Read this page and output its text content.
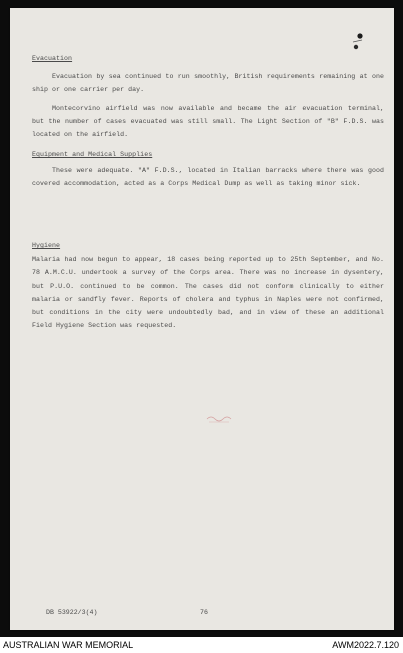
Evacuation

Evacuation by sea continued to run smoothly, British requirements remaining at one ship or one carrier per day.

Montecorvino airfield was now available and became the air evacuation terminal, but the number of cases evacuated was still small. The Light Section of "B" F.D.S. was located on the airfield.

Equipment and Medical Supplies

These were adequate. "A" F.D.S., located in Italian barracks where there was good covered accommodation, acted as a Corps Medical Dump as well as taking minor sick.

Hygiene

Malaria had now begun to appear, 18 cases being reported up to 25th September, and No. 78 A.M.C.U. undertook a survey of the Corps area. There was no increase in dysentery, but P.U.O. continued to be common. The cases did not conform clinically to either malaria or sandfly fever. Reports of cholera and typhus in Naples were not confirmed, but conditions in the city were undoubtedly bad, and in view of these an additional Field Hygiene Section was requested.

DB 53922/3(4)	76
AUSTRALIAN WAR MEMORIAL	AWM2022.7.120
